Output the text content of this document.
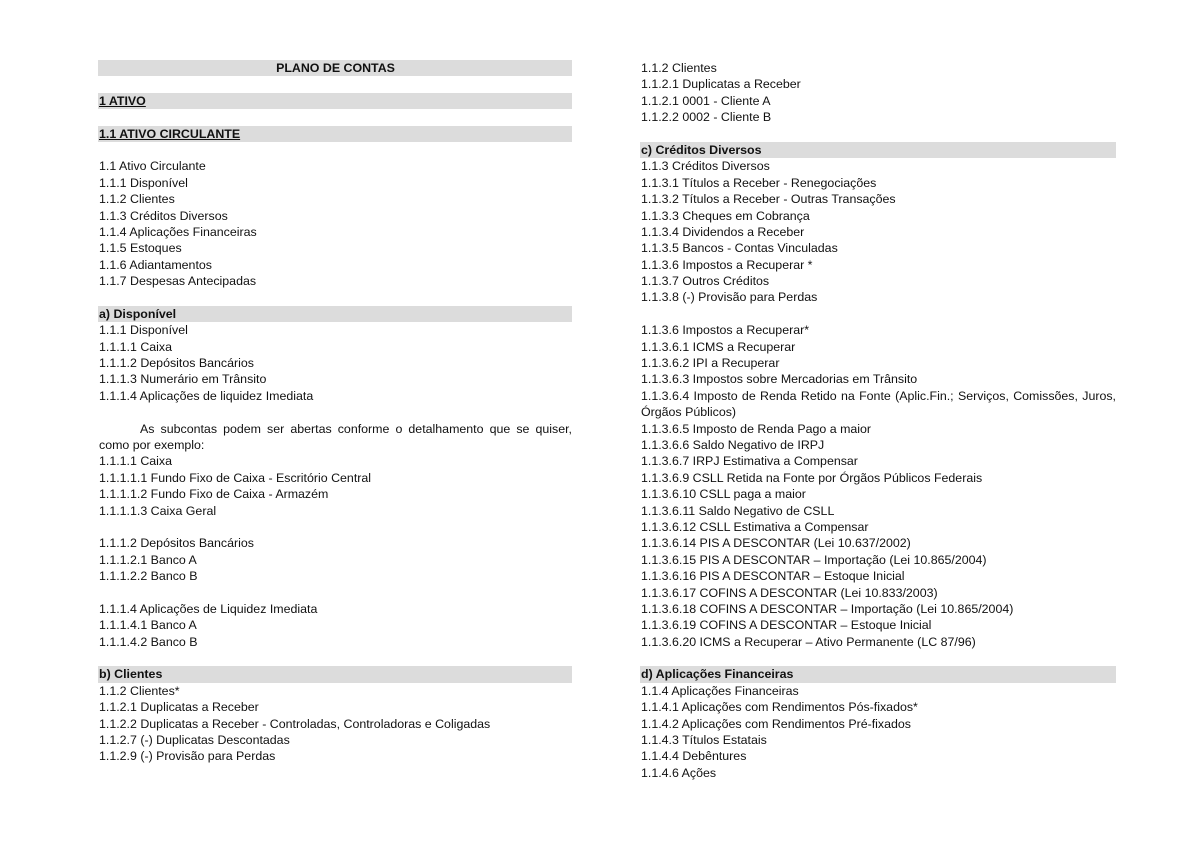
PLANO DE CONTAS
1 ATIVO
1.1 ATIVO CIRCULANTE
1.1 Ativo Circulante
1.1.1 Disponível
1.1.2 Clientes
1.1.3 Créditos Diversos
1.1.4 Aplicações Financeiras
1.1.5 Estoques
1.1.6 Adiantamentos
1.1.7 Despesas Antecipadas
a) Disponível
1.1.1 Disponível
1.1.1.1 Caixa
1.1.1.2 Depósitos Bancários
1.1.1.3 Numerário em Trânsito
1.1.1.4 Aplicações de liquidez Imediata
As subcontas podem ser abertas conforme o detalhamento que se quiser, como por exemplo:
1.1.1.1 Caixa
1.1.1.1.1 Fundo Fixo de Caixa - Escritório Central
1.1.1.1.2 Fundo Fixo de Caixa - Armazém
1.1.1.1.3 Caixa Geral
1.1.1.2 Depósitos Bancários
1.1.1.2.1 Banco A
1.1.1.2.2 Banco B
1.1.1.4 Aplicações de Liquidez Imediata
1.1.1.4.1 Banco A
1.1.1.4.2 Banco B
b) Clientes
1.1.2 Clientes*
1.1.2.1 Duplicatas a Receber
1.1.2.2 Duplicatas a Receber - Controladas, Controladoras e Coligadas
1.1.2.7 (-) Duplicatas Descontadas
1.1.2.9 (-) Provisão para Perdas
1.1.2 Clientes
1.1.2.1 Duplicatas a Receber
1.1.2.1 0001 - Cliente A
1.1.2.2 0002 - Cliente B
c) Créditos Diversos
1.1.3 Créditos Diversos
1.1.3.1 Títulos a Receber - Renegociações
1.1.3.2 Títulos a Receber - Outras Transações
1.1.3.3 Cheques em Cobrança
1.1.3.4 Dividendos a Receber
1.1.3.5 Bancos - Contas Vinculadas
1.1.3.6 Impostos a Recuperar *
1.1.3.7 Outros Créditos
1.1.3.8 (-) Provisão para Perdas
1.1.3.6 Impostos a Recuperar*
1.1.3.6.1 ICMS a Recuperar
1.1.3.6.2 IPI a Recuperar
1.1.3.6.3 Impostos sobre Mercadorias em Trânsito
1.1.3.6.4 Imposto de Renda Retido na Fonte (Aplic.Fin.; Serviços, Comissões, Juros, Órgãos Públicos)
1.1.3.6.5 Imposto de Renda Pago a maior
1.1.3.6.6 Saldo Negativo de IRPJ
1.1.3.6.7 IRPJ Estimativa a Compensar
1.1.3.6.9 CSLL Retida na Fonte por Órgãos Públicos Federais
1.1.3.6.10 CSLL paga a maior
1.1.3.6.11 Saldo Negativo de CSLL
1.1.3.6.12 CSLL Estimativa a Compensar
1.1.3.6.14 PIS A DESCONTAR (Lei 10.637/2002)
1.1.3.6.15 PIS A DESCONTAR – Importação (Lei 10.865/2004)
1.1.3.6.16 PIS A DESCONTAR – Estoque Inicial
1.1.3.6.17 COFINS A DESCONTAR (Lei 10.833/2003)
1.1.3.6.18 COFINS A DESCONTAR – Importação (Lei 10.865/2004)
1.1.3.6.19 COFINS A DESCONTAR – Estoque Inicial
1.1.3.6.20 ICMS a Recuperar – Ativo Permanente (LC 87/96)
d) Aplicações Financeiras
1.1.4 Aplicações Financeiras
1.1.4.1 Aplicações com Rendimentos Pós-fixados*
1.1.4.2 Aplicações com Rendimentos Pré-fixados
1.1.4.3 Títulos Estatais
1.1.4.4 Debêntures
1.1.4.6 Ações
